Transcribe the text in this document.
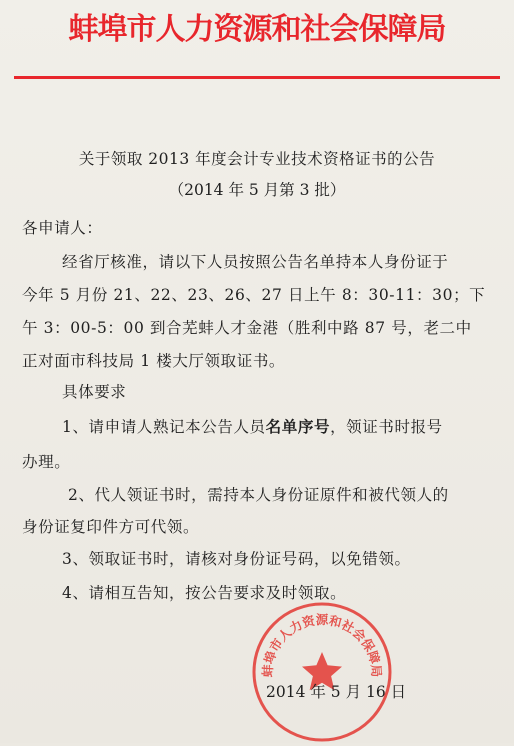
蚌埠市人力资源和社会保障局
关于领取 2013 年度会计专业技术资格证书的公告
（2014 年 5 月第 3 批）
各申请人：
经省厅核准，请以下人员按照公告名单持本人身份证于
今年 5 月份 21、22、23、26、27 日上午 8：30-11：30；下
午 3：00-5：00 到合芜蚌人才金港（胜利中路 87 号，老二中
正对面市科技局 1 楼大厅领取证书。
具体要求
1、请申请人熟记本公告人员名单序号，领证书时报号
办理。
2、代人领证书时，需持本人身份证原件和被代领人的
身份证复印件方可代领。
3、领取证书时，请核对身份证号码，以免错领。
4、请相互告知，按公告要求及时领取。
蚌埠市人力资源和社会保障局
2014 年 5 月 16 日
